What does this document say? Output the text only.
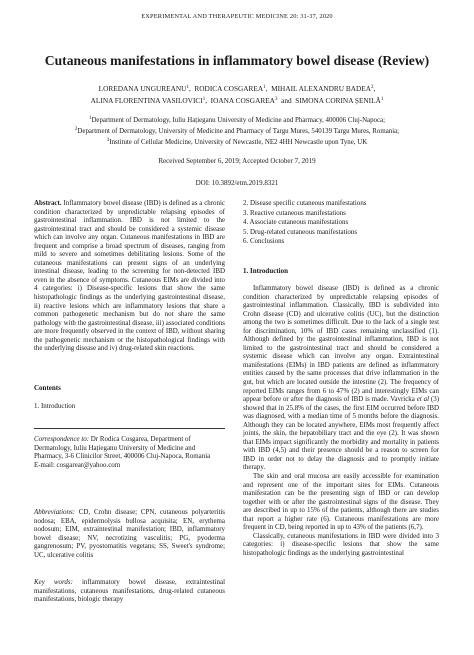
EXPERIMENTAL AND THERAPEUTIC MEDICINE 20: 31-37, 2020
Cutaneous manifestations in inflammatory bowel disease (Review)
LOREDANA UNGUREANU$^1$,  RODICA COSGAREA$^1$,  MIHAIL ALEXANDRU BADEA$^2$,
ALINA FLORENTINA VASILOVICI$^1$,  IOANA COSGAREA$^3$ and SIMONA CORINA ȘENILĂ$^1$
$^1$Department of Dermatology, Iuliu Hațieganu University of Medicine and Pharmacy, 400006 Cluj-Napoca;
$^2$Department of Dermatology, University of Medicine and Pharmacy of Targu Mures, 540139 Targu Mures, Romania;
$^3$Institute of Cellular Medicine, University of Newcastle, NE2 4HH Newcastle upon Tyne, UK
Received September 6, 2019; Accepted October 7, 2019
DOI: 10.3892/etm.2019.8321

Abstract. Inflammatory bowel disease (IBD) is defined as a chronic condition characterized by unpredictable relapsing episodes of gastrointestinal inflammation. IBD is not limited to the gastrointestinal tract and should be considered a systemic disease which can involve any organ. Cutaneous manifestations in IBD are frequent and comprise a broad spectrum of diseases, ranging from mild to severe and sometimes debilitating lesions. Some of the cutaneous manifestations can present signs of an underlying intestinal disease, leading to the screening for non-detected IBD even in the absence of symptoms. Cutaneous EIMs are divided into 4 categories: i) Disease-specific lesions that show the same histopathologic findings as the underlying gastrointestinal disease, ii) reactive lesions which are inflammatory lesions that share a common pathogenetic mechanism but do not share the same pathology with the gastrointestinal disease, iii) associated conditions are more frequently observed in the context of IBD, without sharing the pathogenetic mechanism or the histopathological findings with the underlying disease and iv) drug-related skin reactions.

Contents
1. Introduction

Correspondence to: Dr Rodica Cosgarea, Department of Dermatology, Iuliu Hațieganu University of Medicine and Pharmacy, 3-6 Clinicilor Street, 400006 Cluj-Napoca, Romania

E-mail: cosgarear@yahoo.com

Abbreviations: CD, Crohn disease; CPN, cutaneous polyarteritis nodosa; EBA, epidermolysis bullosa acquisita; EN, erythema nodosum; EIM, extraintestinal manifestation; IBD, inflammatory bowel disease; NV, necrotizing vasculitis; PG, pyoderma gangrenosum; PV, pyostomatitis vegetans; SS, Sweet's syndrome; UC, ulcerative colitis

Key words: inflammatory bowel disease, extraintestinal manifestations, cutaneous manifestations, drug-related cutaneous manifestations, biologic therapy

2. Disease specific cutaneous manifestations
3. Reactive cutaneous manifestations
4. Associate cutaneous manifestations
5. Drug-related cutaneous manifestations
6. Conclusions
1. Introduction

Inflammatory bowel disease (IBD) is defined as a chronic condition characterized by unpredictable relapsing episodes of gastrointestinal inflammation. Classically, IBD is subdivided into Crohn disease (CD) and ulcerative colitis (UC), but the distinction among the two is sometimes difficult. Due to the lack of a single test for discrimination, 10% of IBD cases remaining unclassified (1). Although defined by the gastrointestinal inflammation, IBD is not limited to the gastrointestinal tract and should be considered a systemic disease which can involve any organ. Extraintestinal manifestations (EIMs) in IBD patients are defined as inflammatory entities caused by the same processes that drive inflammation in the gut, but which are located outside the intestine (2). The frequency of reported EIMs ranges from 6 to 47% (2) and interestingly EIMs can appear before or after the diagnosis of IBD is made. Vavricka et al (3) showed that in 25.8% of the cases, the first EIM occurred before IBD was diagnosed, with a median time of 5 months before the diagnosis. Although they can be located anywhere, EIMs most frequently affect joints, the skin, the hepatobiliary tract and the eye (2). It was shown that EIMs impact significantly the morbidity and mortality in patients with IBD (4,5) and their presence should be a reason to screen for IBD in order not to delay the diagnosis and to promptly initiate therapy.

The skin and oral mucosa are easily accessible for examination and represent one of the important sites for EIMs. Cutaneous manifestation can be the presenting sign of IBD or can develop together with or after the gastrointestinal signs of the disease. They are described in up to 15% of the patients, although there are studies that report a higher rate (6). Cutaneous manifestations are more frequent in CD, being reported in up to 43% of the patients (6,7).

Classically, cutaneous manifestations in IBD were divided into 3 categories: i) disease-specific lesions that show the same histopathologic findings as the underlying gastrointestinal
